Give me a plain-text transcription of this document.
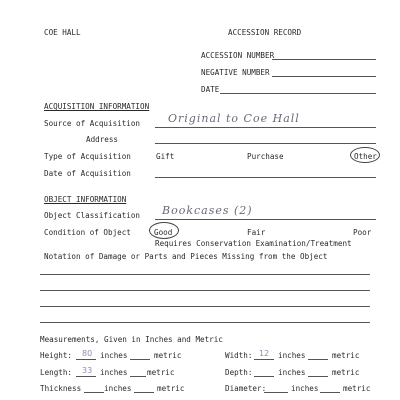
COE HALL	ACCESSION RECORD
ACCESSION NUMBER
NEGATIVE NUMBER
DATE
ACQUISITION INFORMATION
Source of Acquisition	Original to Coe Hall
Address
Type of Acquisition	Gift	Purchase	Other
Date of Acquisition
OBJECT INFORMATION
Object Classification Bookcases (2)
Condition of Object	Good	Fair	Poor
Requires Conservation Examination/Treatment
Notation of Damage or Parts and Pieces Missing from the Object
Measurements, Given in Inches and Metric
Height: 80 inches	metric	Width: 12 inches	metric
Length: 33 inches	metric	Depth:	inches	metric
Thickness	inches	metric	Diameter:	inches	metric
